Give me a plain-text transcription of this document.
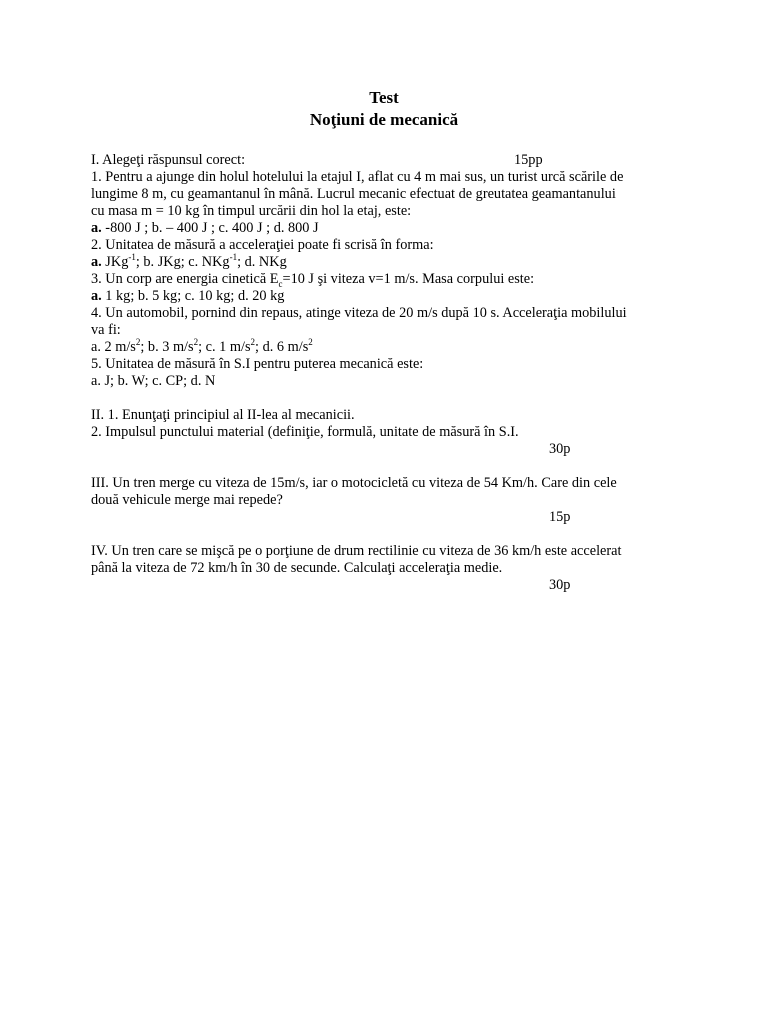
Test
Noţiuni de mecanică
I. Alegeţi răspunsul corect:	15pp
1. Pentru a ajunge din holul hotelului la etajul I, aflat cu 4 m mai sus, un turist urcă scările de
lungime 8 m, cu geamantanul în mână. Lucrul mecanic efectuat de greutatea geamantanului
cu masa m = 10 kg în timpul urcării din hol la etaj, este:
a. -800 J ; b. – 400 J ; c. 400 J ; d. 800 J
2. Unitatea de măsură a acceleraţiei poate fi scrisă în forma:
a. JKg$^{-1}$; b. JKg; c. NKg$^{-1}$; d. NKg
3. Un corp are energia cinetică $E_c=10$ J şi viteza v=1 m/s. Masa corpului este:
a. 1 kg; b. 5 kg; c. 10 kg; d. 20 kg
4. Un automobil, pornind din repaus, atinge viteza de 20 m/s după 10 s. Acceleraţia mobilului
va fi:
a. 2 $m/s^2$; b. 3 $m/s^2$; c. 1 $m/s^2$; d. 6 $m/s^2$
5. Unitatea de măsură în S.I pentru puterea mecanică este:
a. J; b. W; c. CP; d. N
II. 1. Enunţaţi principiul al II-lea al mecanicii.
2. Impulsul punctului material (definiţie, formulă, unitate de măsură în S.I.
30p
III. Un tren merge cu viteza de 15m/s, iar o motocicletă cu viteza de 54 Km/h. Care din cele
două vehicule merge mai repede?
15p
IV. Un tren care se mişcă pe o porţiune de drum rectilinie cu viteza de 36 km/h este accelerat
până la viteza de 72 km/h în 30 de secunde. Calculaţi acceleraţia medie.
30p
